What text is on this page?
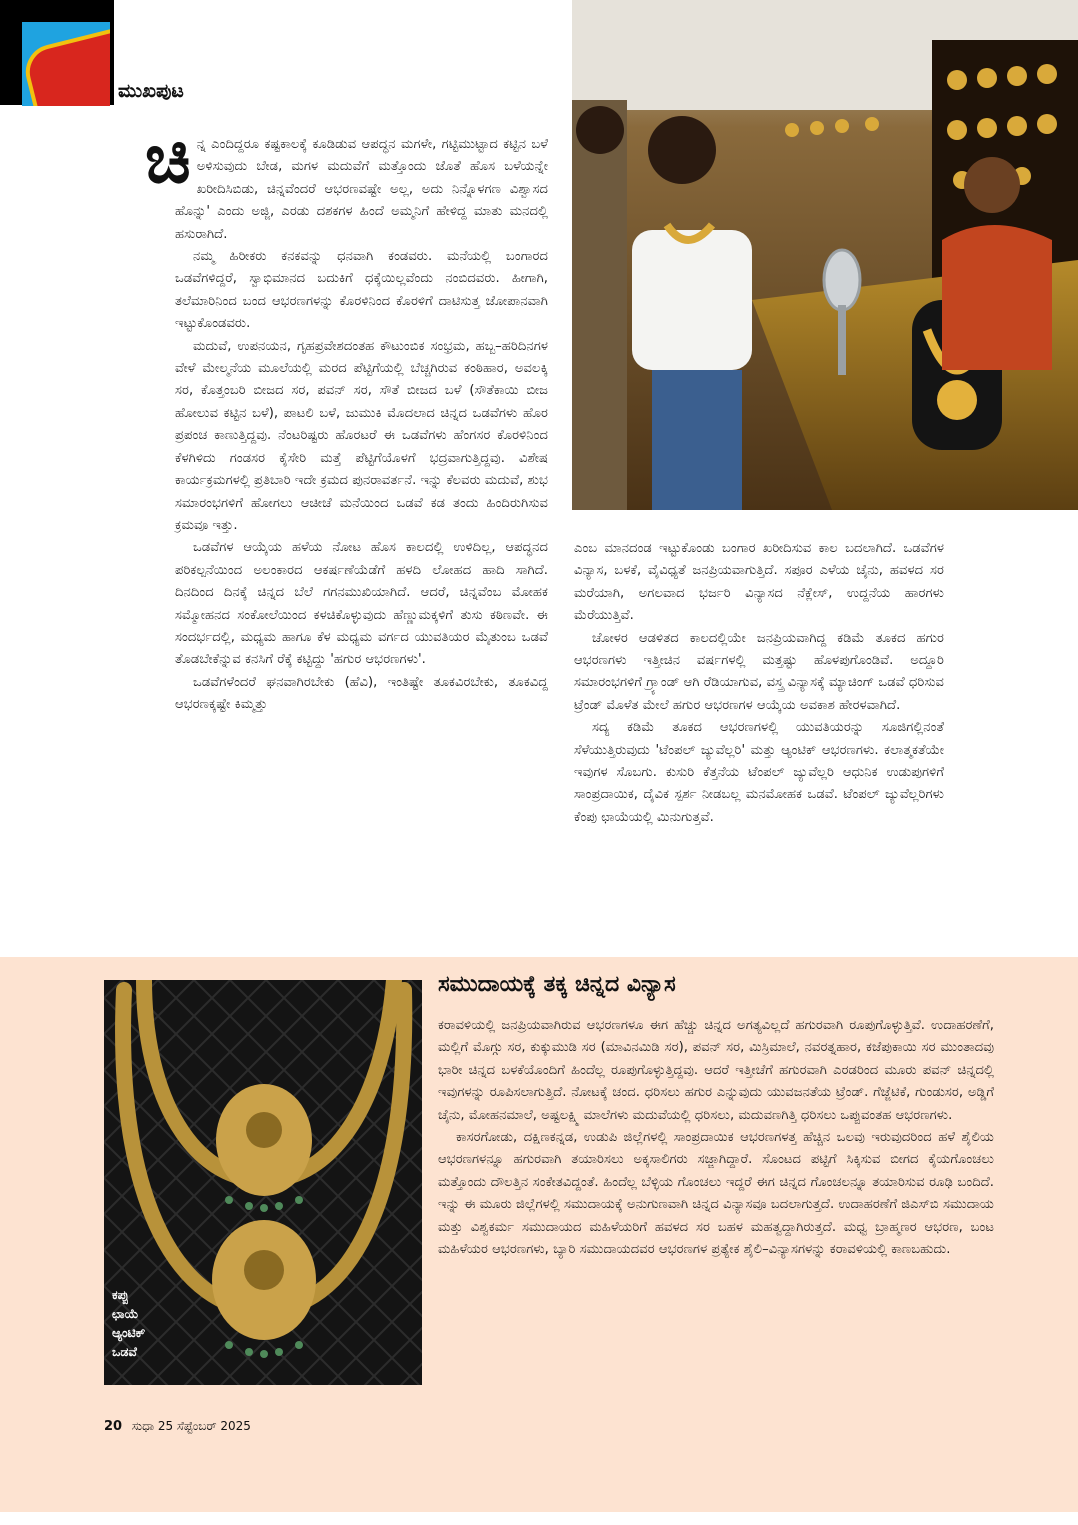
ಮುಖಪುಟ

ಚಿನ್ನ ಎಂದಿದ್ದರೂ ಕಷ್ಟಕಾಲಕ್ಕೆ ಕೂಡಿಡುವ ಆಪದ್ಧನ ಮಗಳೇ, ಗಟ್ಟಿಮುಟ್ಟಾದ ಕಟ್ಟಿನ ಬಳೆ ಅಳಿಸುವುದು ಬೇಡ, ಮಗಳ ಮದುವೆಗೆ ಮತ್ತೊಂದು ಜೊತೆ ಹೊಸ ಬಳೆಯನ್ನೇ ಖರೀದಿಸಿಬಿಡು, ಚಿನ್ನವೆಂದರೆ ಆಭರಣವಷ್ಟೇ ಅಲ್ಲ, ಅದು ನಿನ್ನೊಳಗಣ ವಿಶ್ವಾಸದ ಹೊನ್ನು' ಎಂದು ಅಜ್ಜಿ, ಎರಡು ದಶಕಗಳ ಹಿಂದೆ ಅಮ್ಮನಿಗೆ ಹೇಳಿದ್ದ ಮಾತು ಮನದಲ್ಲಿ ಹಸುರಾಗಿದೆ.

ನಮ್ಮ ಹಿರೀಕರು ಕನಕವನ್ನು ಧನವಾಗಿ ಕಂಡವರು. ಮನೆಯಲ್ಲಿ ಬಂಗಾರದ ಒಡವೆಗಳಿದ್ದರೆ, ಸ್ವಾಭಿಮಾನದ ಬದುಕಿಗೆ ಧಕ್ಕೆಯಿಲ್ಲವೆಂದು ನಂಬಿದವರು. ಹೀಗಾಗಿ, ತಲೆಮಾರಿನಿಂದ ಬಂದ ಆಭರಣಗಳನ್ನು ಕೊರಳಿನಿಂದ ಕೊರಳಿಗೆ ದಾಟಿಸುತ್ತ ಜೋಪಾನವಾಗಿ ಇಟ್ಟುಕೊಂಡವರು.

ಮದುವೆ, ಉಪನಯನ, ಗೃಹಪ್ರವೇಶದಂತಹ ಕೌಟುಂಬಿಕ ಸಂಭ್ರಮ, ಹಬ್ಬ–ಹರಿದಿನಗಳ ವೇಳೆ ಮೇಲ್ಮನೆಯ ಮೂಲೆಯಲ್ಲಿ ಮರದ ಪೆಟ್ಟಿಗೆಯಲ್ಲಿ ಬೆಚ್ಚಗಿರುವ ಕಂಠಿಹಾರ, ಅವಲಕ್ಕಿ ಸರ, ಕೊತ್ತಂಬರಿ ಬೀಜದ ಸರ, ಪವನ್ ಸರ, ಸೌತೆ ಬೀಜದ ಬಳೆ (ಸೌತೆಕಾಯಿ ಬೀಜ ಹೋಲುವ ಕಟ್ಟಿನ ಬಳೆ), ಪಾಟಲಿ ಬಳೆ, ಜುಮುಕಿ ಮೊದಲಾದ ಚಿನ್ನದ ಒಡವೆಗಳು ಹೊರ ಪ್ರಪಂಚ ಕಾಣುತ್ತಿದ್ದವು. ನೆಂಟರಿಷ್ಟರು ಹೊರಟರೆ ಈ ಒಡವೆಗಳು ಹೆಂಗಸರ ಕೊರಳಿನಿಂದ ಕೆಳಗಿಳಿದು ಗಂಡಸರ ಕೈಸೇರಿ ಮತ್ತೆ ಪೆಟ್ಟಿಗೆಯೊಳಗೆ ಭದ್ರವಾಗುತ್ತಿದ್ದವು. ವಿಶೇಷ ಕಾರ್ಯಕ್ರಮಗಳಲ್ಲಿ ಪ್ರತಿಬಾರಿ ಇದೇ ಕ್ರಮದ ಪುನರಾವರ್ತನೆ. ಇನ್ನು ಕೆಲವರು ಮದುವೆ, ಶುಭ ಸಮಾರಂಭಗಳಿಗೆ ಹೋಗಲು ಆಚೀಚೆ ಮನೆಯಿಂದ ಒಡವೆ ಕಡ ತಂದು ಹಿಂದಿರುಗಿಸುವ ಕ್ರಮವೂ ಇತ್ತು.

ಒಡವೆಗಳ ಆಯ್ಕೆಯ ಹಳೆಯ ನೋಟ ಹೊಸ ಕಾಲದಲ್ಲಿ ಉಳಿದಿಲ್ಲ, ಆಪದ್ಧನದ ಪರಿಕಲ್ಪನೆಯಿಂದ ಅಲಂಕಾರದ ಆಕರ್ಷಣೆಯೆಡೆಗೆ ಹಳದಿ ಲೋಹದ ಹಾದಿ ಸಾಗಿದೆ. ದಿನದಿಂದ ದಿನಕ್ಕೆ ಚಿನ್ನದ ಬೆಲೆ ಗಗನಮುಖಿಯಾಗಿದೆ. ಆದರೆ, ಚಿನ್ನವೆಂಬ ಮೋಹಕ ಸಮ್ಮೋಹನದ ಸಂಕೋಲೆಯಿಂದ ಕಳಚಿಕೊಳ್ಳುವುದು ಹೆಣ್ಣುಮಕ್ಕಳಿಗೆ ತುಸು ಕಠಿಣವೇ. ಈ ಸಂದರ್ಭದಲ್ಲಿ, ಮಧ್ಯಮ ಹಾಗೂ ಕೆಳ ಮಧ್ಯಮ ವರ್ಗದ ಯುವತಿಯರ ಮೈತುಂಬ ಒಡವೆ ತೊಡಬೇಕೆನ್ನುವ ಕನಸಿಗೆ ರೆಕ್ಕೆ ಕಟ್ಟಿದ್ದು 'ಹಗುರ ಆಭರಣಗಳು'.

ಒಡವೆಗಳೆಂದರೆ ಘನವಾಗಿರಬೇಕು (ಹೆವಿ), ಇಂತಿಷ್ಟೇ ತೂಕವಿರಬೇಕು, ತೂಕವಿದ್ದ ಆಭರಣಕ್ಕಷ್ಟೇ ಕಿಮ್ಮತ್ತು

ಎಂಬ ಮಾನದಂಡ ಇಟ್ಟುಕೊಂಡು ಬಂಗಾರ ಖರೀದಿಸುವ ಕಾಲ ಬದಲಾಗಿದೆ. ಒಡವೆಗಳ ವಿನ್ಯಾಸ, ಬಳಕೆ, ವೈವಿಧ್ಯತೆ ಜನಪ್ರಿಯವಾಗುತ್ತಿದೆ. ಸಪೂರ ಎಳೆಯ ಚೈನು, ಹವಳದ ಸರ ಮರೆಯಾಗಿ, ಅಗಲವಾದ ಭರ್ಜರಿ ವಿನ್ಯಾಸದ ನೆಕ್ಲೇಸ್, ಉದ್ದನೆಯ ಹಾರಗಳು ಮೆರೆಯುತ್ತಿವೆ.

ಚೋಳರ ಆಡಳಿತದ ಕಾಲದಲ್ಲಿಯೇ ಜನಪ್ರಿಯವಾಗಿದ್ದ ಕಡಿಮೆ ತೂಕದ ಹಗುರ ಆಭರಣಗಳು ಇತ್ತೀಚಿನ ವರ್ಷಗಳಲ್ಲಿ ಮತ್ತಷ್ಟು ಹೊಳಪುಗೊಂಡಿವೆ. ಅದ್ದೂರಿ ಸಮಾರಂಭಗಳಿಗೆ ಗ್ರ್ಯಾಂಡ್ ಆಗಿ ರೆಡಿಯಾಗುವ, ವಸ್ತ್ರ ವಿನ್ಯಾಸಕ್ಕೆ ಮ್ಯಾಚಿಂಗ್ ಒಡವೆ ಧರಿಸುವ ಟ್ರೆಂಡ್ ಮೊಳೆತ ಮೇಲೆ ಹಗುರ ಆಭರಣಗಳ ಆಯ್ಕೆಯ ಅವಕಾಶ ಹೇರಳವಾಗಿದೆ.

ಸದ್ಯ ಕಡಿಮೆ ತೂಕದ ಆಭರಣಗಳಲ್ಲಿ ಯುವತಿಯರನ್ನು ಸೂಜಿಗಲ್ಲಿನಂತೆ ಸೆಳೆಯುತ್ತಿರುವುದು 'ಟೆಂಪಲ್ ಜ್ಯುವೆಲ್ಲರಿ' ಮತ್ತು ಆ್ಯಂಟಿಕ್ ಆಭರಣಗಳು. ಕಲಾತ್ಮಕತೆಯೇ ಇವುಗಳ ಸೊಬಗು. ಕುಸುರಿ ಕೆತ್ತನೆಯ ಟೆಂಪಲ್ ಜ್ಯುವೆಲ್ಲರಿ ಆಧುನಿಕ ಉಡುಪುಗಳಿಗೆ ಸಾಂಪ್ರದಾಯಿಕ, ದೈವಿಕ ಸ್ಪರ್ಶ ನೀಡಬಲ್ಲ ಮನಮೋಹಕ ಒಡವೆ. ಟೆಂಪಲ್ ಜ್ಯುವೆಲ್ಲರಿಗಳು ಕೆಂಪು ಛಾಯೆಯಲ್ಲಿ ಮಿನುಗುತ್ತವೆ.

ಕಪ್ಪು
ಛಾಯೆ
ಆ್ಯಂಟಿಕ್
ಒಡವೆ
ಸಮುದಾಯಕ್ಕೆ ತಕ್ಕ ಚಿನ್ನದ ವಿನ್ಯಾಸ

ಕರಾವಳಿಯಲ್ಲಿ ಜನಪ್ರಿಯವಾಗಿರುವ ಆಭರಣಗಳೂ ಈಗ ಹೆಚ್ಚು ಚಿನ್ನದ ಅಗತ್ಯವಿಲ್ಲದೆ ಹಗುರವಾಗಿ ರೂಪುಗೊಳ್ಳುತ್ತಿವೆ. ಉದಾಹರಣೆಗೆ, ಮಲ್ಲಿಗೆ ಮೊಗ್ಗು ಸರ, ಕುಕ್ಕುಮುಡಿ ಸರ (ಮಾವಿನಮಿಡಿ ಸರ), ಪವನ್ ಸರ, ಮಿಸ್ರಿಮಾಲೆ, ನವರತ್ನಹಾರ, ಕಜೆಪುಕಾಯಿ ಸರ ಮುಂತಾದವು ಭಾರೀ ಚಿನ್ನದ ಬಳಕೆಯೊಂದಿಗೆ ಹಿಂದೆಲ್ಲ ರೂಪುಗೊಳ್ಳುತ್ತಿದ್ದವು. ಆದರೆ ಇತ್ತೀಚೆಗೆ ಹಗುರವಾಗಿ ಎರಡರಿಂದ ಮೂರು ಪವನ್ ಚಿನ್ನದಲ್ಲಿ ಇವುಗಳನ್ನು ರೂಪಿಸಲಾಗುತ್ತಿದೆ. ನೋಟಕ್ಕೆ ಚಂದ. ಧರಿಸಲು ಹಗುರ ಎನ್ನುವುದು ಯುವಜನತೆಯ ಟ್ರೆಂಡ್. ಗೆಜ್ಜೆಟಿಕೆ, ಗುಂಡುಸರ, ಅಡ್ಡಿಗೆ ಚೈನು, ಮೋಹನಮಾಲೆ, ಅಷ್ಟಲಕ್ಷ್ಮಿ ಮಾಲೆಗಳು ಮದುವೆಯಲ್ಲಿ ಧರಿಸಲು, ಮದುವಣಗಿತ್ತಿ ಧರಿಸಲು ಒಪ್ಪುವಂತಹ ಆಭರಣಗಳು.

ಕಾಸರಗೋಡು, ದಕ್ಷಿಣಕನ್ನಡ, ಉಡುಪಿ ಜಿಲ್ಲೆಗಳಲ್ಲಿ ಸಾಂಪ್ರದಾಯಿಕ ಆಭರಣಗಳತ್ತ ಹೆಚ್ಚಿನ ಒಲವು ಇರುವುದರಿಂದ ಹಳೆ ಶೈಲಿಯ ಆಭರಣಗಳನ್ನೂ ಹಗುರವಾಗಿ ತಯಾರಿಸಲು ಅಕ್ಕಸಾಲಿಗರು ಸಜ್ಜಾಗಿದ್ದಾರೆ. ಸೊಂಟದ ಪಟ್ಟಿಗೆ ಸಿಕ್ಕಿಸುವ ಬೀಗದ ಕೈಯಗೊಂಚಲು ಮತ್ತೊಂದು ದೌಲತ್ತಿನ ಸಂಕೇತವಿದ್ದಂತೆ. ಹಿಂದೆಲ್ಲ ಬೆಳ್ಳಿಯ ಗೊಂಚಲು ಇದ್ದರೆ ಈಗ ಚಿನ್ನದ ಗೊಂಚಲನ್ನೂ ತಯಾರಿಸುವ ರೂಢಿ ಬಂದಿದೆ. ಇನ್ನು ಈ ಮೂರು ಜಿಲ್ಲೆಗಳಲ್ಲಿ ಸಮುದಾಯಕ್ಕೆ ಅನುಗುಣವಾಗಿ ಚಿನ್ನದ ವಿನ್ಯಾಸವೂ ಬದಲಾಗುತ್ತದೆ. ಉದಾಹರಣೆಗೆ ಜಿಎಸ್‌ಬಿ ಸಮುದಾಯ ಮತ್ತು ವಿಶ್ವಕರ್ಮ ಸಮುದಾಯದ ಮಹಿಳೆಯರಿಗೆ ಹವಳದ ಸರ ಬಹಳ ಮಹತ್ವದ್ದಾಗಿರುತ್ತದೆ. ಮಧ್ವ ಬ್ರಾಹ್ಮಣರ ಆಭರಣ, ಬಂಟ ಮಹಿಳೆಯರ ಆಭರಣಗಳು, ಬ್ಯಾರಿ ಸಮುದಾಯದವರ ಆಭರಣಗಳ ಪ್ರತ್ಯೇಕ ಶೈಲಿ–ವಿನ್ಯಾಸಗಳನ್ನು ಕರಾವಳಿಯಲ್ಲಿ ಕಾಣಬಹುದು.

20 ಸುಧಾ 25 ಸೆಪ್ಟೆಂಬರ್ 2025
